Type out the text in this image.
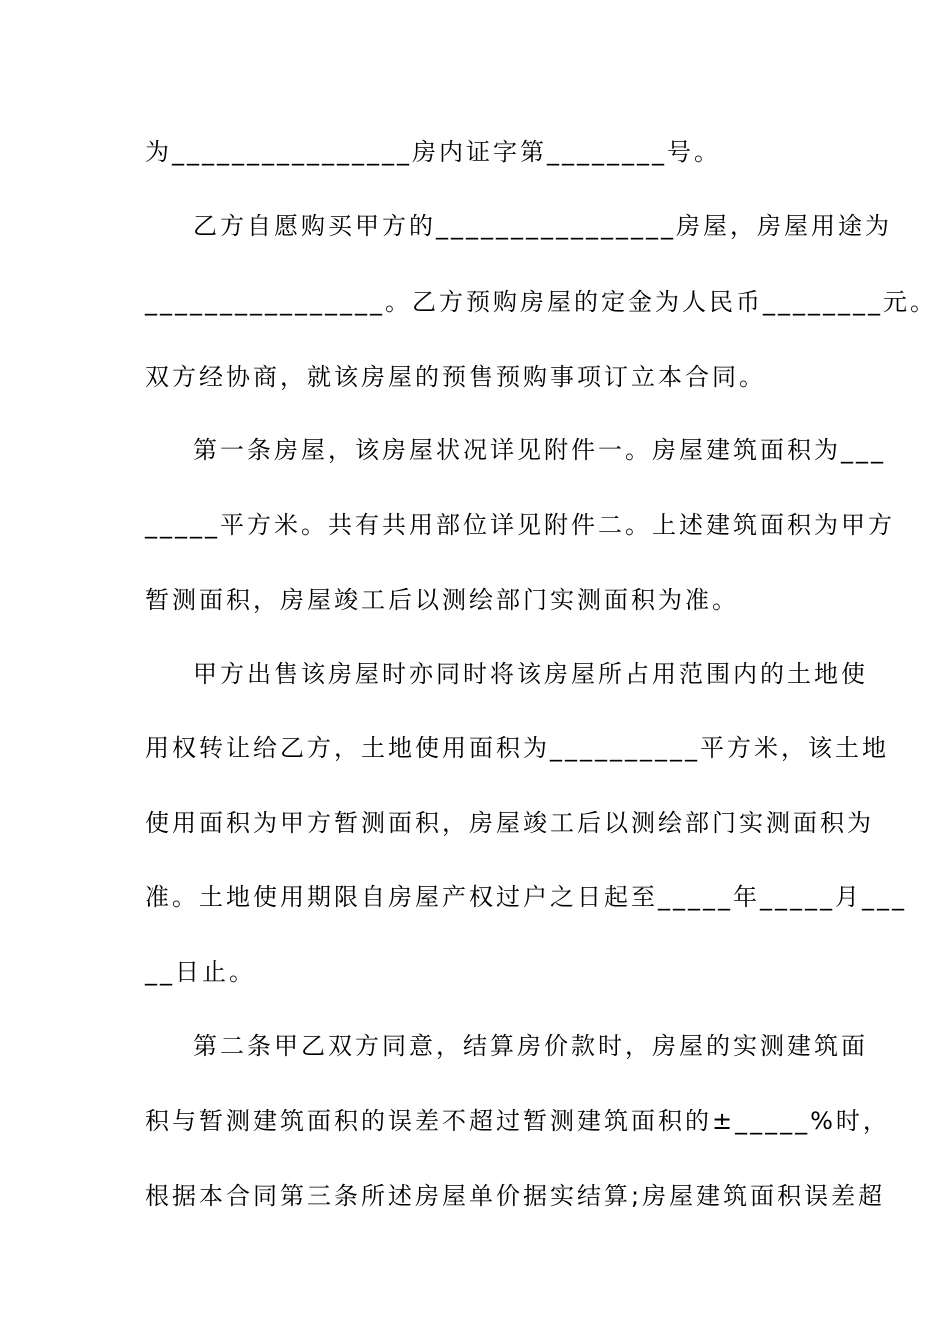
为________________房内证字第________号。
乙方自愿购买甲方的________________房屋，房屋用途为
________________。乙方预购房屋的定金为人民币________元。
双方经协商，就该房屋的预售预购事项订立本合同。
第一条房屋，该房屋状况详见附件一。房屋建筑面积为___
_____平方米。共有共用部位详见附件二。上述建筑面积为甲方
暂测面积，房屋竣工后以测绘部门实测面积为准。
甲方出售该房屋时亦同时将该房屋所占用范围内的土地使
用权转让给乙方，土地使用面积为__________平方米，该土地
使用面积为甲方暂测面积，房屋竣工后以测绘部门实测面积为
准。土地使用期限自房屋产权过户之日起至_____年_____月___
__日止。
第二条甲乙双方同意，结算房价款时，房屋的实测建筑面
积与暂测建筑面积的误差不超过暂测建筑面积的±_____%时，
根据本合同第三条所述房屋单价据实结算;房屋建筑面积误差超
